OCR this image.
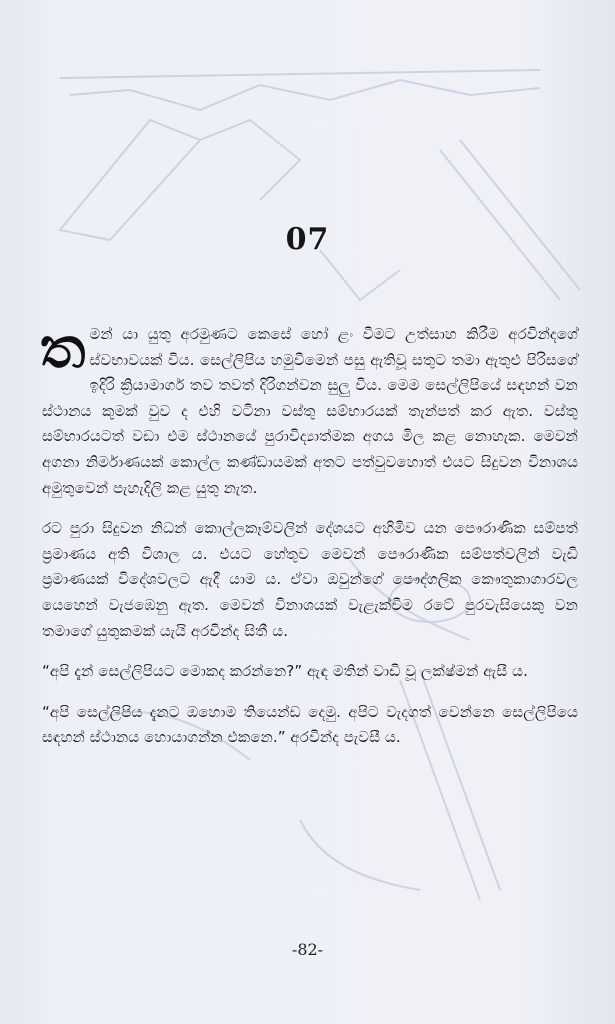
07

තමන් යා යුතු අරමුණට කෙසේ හෝ ළං වීමට උත්සාහ කිරීම අරවින්දගේ ස්වභාවයක් විය. සෙල්ලිපිය හමුවීමෙන් පසු ඇතිවූ සතුට තමා ඇතුළු පිරිසගේ ඉදිරි ක්‍රියාමාර්ග තව තවත් දිරිගන්වන සුලු විය. මෙම සෙල්ලිපියේ සඳහන් වන ස්ථානය කුමක් වුව ද එහි වටිනා වස්තු සම්භාරයක් තැන්පත් කර ඇත. වස්තු සම්භාරයටත් වඩා එම ස්ථානයේ පුරාවිද්‍යාත්මක අගය මිල කළ නොහැක. මෙවන් අගනා නිර්මාණයක් කොල්ල කණ්ඩායමක් අතට පත්වුවහොත් එයට සිදුවන විනාශය අමුතුවෙන් පැහැදිලි කළ යුතු නැත.

රට පුරා සිදුවන නිධන් කොල්ලකෑම්වලින් දේශයට අහිමිව යන පෞරාණික සම්පත් ප්‍රමාණය අති විශාල ය. එයට හේතුව මෙවන් පෞරාණික සම්පත්වලින් වැඩි ප්‍රමාණයක් විදේශවලට ඇදී යාම ය. ඒවා ඔවුන්ගේ පෞද්ගලික කෞතුකාගාරවල යෙහෙන් වැජඹෙනු ඇත. මෙවන් විනාශයක් වැළැක්වීම රටේ පුරවැසියෙකු වන තමාගේ යුතුකමක් යැයි අරවින්ද සිතී ය.

“අපි දැන් සෙල්ලිපියට මොකද කරන්නෙ?” ඇඳ මතින් වාඩි වූ ලක්ෂ්මන් ඇසී ය.

“අපි සෙල්ලිපිය දැනට ඔහොම තියෙන්ඩ දෙමු. අපිට වැදගත් වෙන්නෙ සෙල්ලිපියෙ සඳහන් ස්ථානය හොයාගන්න එකනෙ.” අරවින්ද පැවසී ය.

-82-
